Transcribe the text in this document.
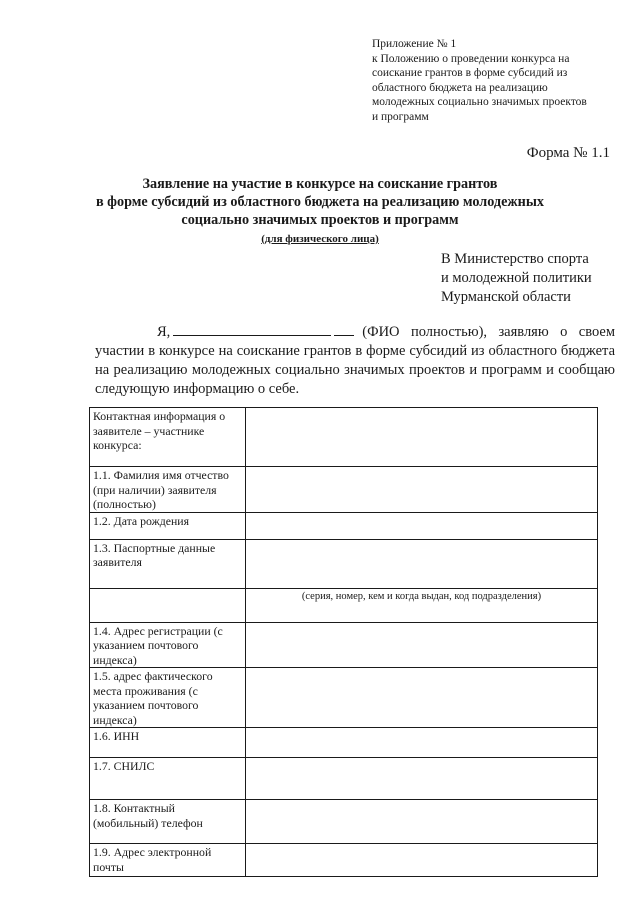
Приложение № 1
к Положению о проведении конкурса на
соискание грантов в форме субсидий из
областного бюджета на реализацию
молодежных социально значимых проектов
и программ
Форма № 1.1
Заявление на участие в конкурсе на соискание грантов
в форме субсидий из областного бюджета на реализацию молодежных
социально значимых проектов и программ
(для физического лица)
В Министерство спорта
и молодежной политики
Мурманской области
Я,	(ФИО полностью), заявляю о своем участии в конкурсе на соискание грантов в форме субсидий из областного бюджета на реализацию молодежных социально значимых проектов и программ и сообщаю следующую информацию о себе.
Контактная информация о заявителе – участнике конкурса:	
1.1. Фамилия имя отчество (при наличии) заявителя (полностью)	
1.2. Дата рождения	
1.3. Паспортные данные заявителя	
	(серия, номер, кем и когда выдан, код подразделения)
1.4. Адрес регистрации (с указанием почтового индекса)	
1.5. адрес фактического места проживания (с указанием почтового индекса)	
1.6. ИНН	
1.7. СНИЛС	
1.8. Контактный (мобильный) телефон	
1.9. Адрес электронной почты	
